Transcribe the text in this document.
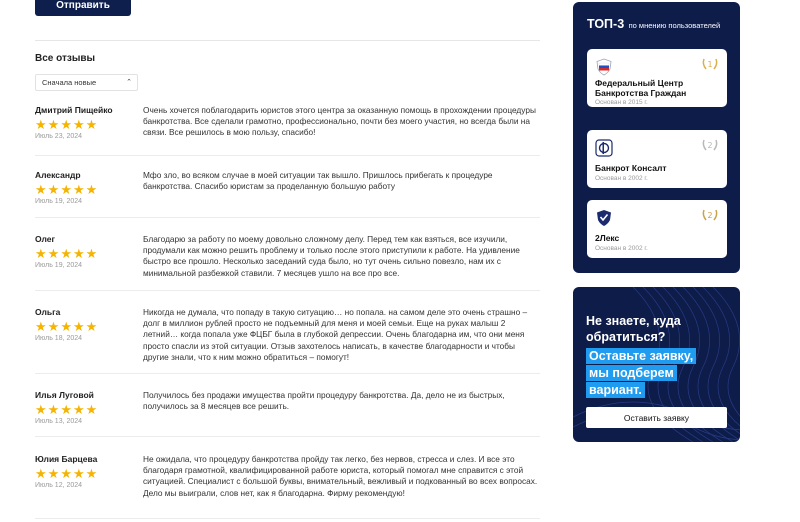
Отправить
Все отзывы
Сначала новые	⌃
Дмитрий Пищейко
★ ★ ★ ★ ★
Июль 23, 2024
Очень хочется поблагодарить юристов этого центра за оказанную помощь в прохождении процедуры банкротства. Все сделали грамотно, профессионально, почти без моего участия, но всегда были на связи. Все решилось в мою пользу, спасибо!
Александр
★ ★ ★ ★ ★
Июль 19, 2024
Мфо зло, во всяком случае в моей ситуации так вышло. Пришлось прибегать к процедуре банкротства. Спасибо юристам за проделанную большую работу
Олег
★ ★ ★ ★ ★
Июль 19, 2024
Благодарю за работу по моему довольно сложному делу. Перед тем как взяться, все изучили, продумали как можно решить проблему и только после этого приступили к работе. На удивление быстро все прошло. Несколько заседаний суда было, но тут очень сильно повезло, нам их с минимальной разбежкой ставили. 7 месяцев ушло на все про все.
Ольга
★ ★ ★ ★ ★
Июль 18, 2024
Никогда не думала, что попаду в такую ситуацию… но попала. на самом деле это очень страшно – долг в миллион рублей просто не подъемный для меня и моей семьи. Еще на руках малыш 2 летний… когда попала уже ФЦБГ была в глубокой депрессии. Очень благодарна им, что они меня просто спасли из этой ситуации. Отзыв захотелось написать, в качестве благодарности и чтобы другие знали, что к ним можно обратиться – помогут!
Илья Луговой
★ ★ ★ ★ ★
Июль 13, 2024
Получилось без продажи имущества пройти процедуру банкротства. Да, дело не из быстрых, получилось за 8 месяцев все решить.
Юлия Барцева
★ ★ ★ ★ ★
Июль 12, 2024
Не ожидала, что процедуру банкротства пройду так легко, без нервов, стресса и слез. И все это благодаря грамотной, квалифицированной работе юриста, который помогал мне справится с этой ситуацией. Специалист с большой буквы, внимательный, вежливый и подкованный во всех вопросах. Дело мы выиграли, слов нет, как я благодарна. Фирму рекомендую!
ТОП-3 по мнению пользователей
1
Федеральный Центр Банкротства Граждан
Основан в 2015 г.
2
Банкрот Консалт
Основан в 2002 г.
2
2Лекс
Основан в 2002 г.
Не знаете, куда обратиться?
Оставьте заявку,
мы подберем
вариант.
Оставить заявку
